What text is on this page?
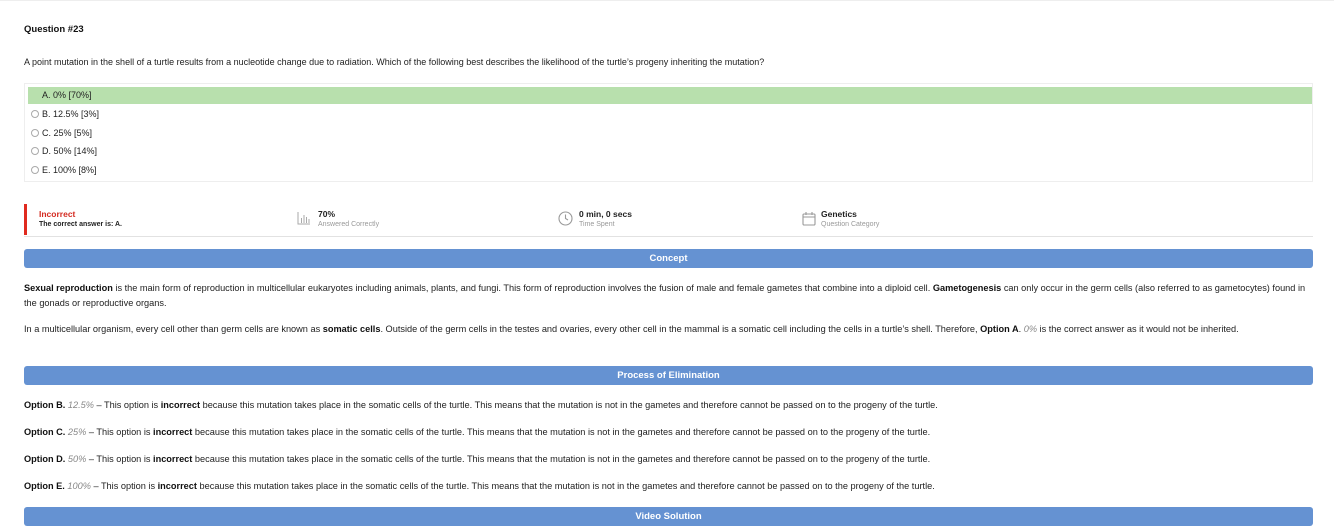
Question #23
A point mutation in the shell of a turtle results from a nucleotide change due to radiation. Which of the following best describes the likelihood of the turtle’s progeny inheriting the mutation?
A. 0% [70%]
B. 12.5% [3%]
C. 25% [5%]
D. 50% [14%]
E. 100% [8%]
Incorrect
The correct answer is: A.
70%
Answered Correctly
0 min, 0 secs
Time Spent
Genetics
Question Category
Concept
Sexual reproduction is the main form of reproduction in multicellular eukaryotes including animals, plants, and fungi. This form of reproduction involves the fusion of male and female gametes that combine into a diploid cell. Gametogenesis can only occur in the germ cells (also referred to as gametocytes) found in the gonads or reproductive organs.
In a multicellular organism, every cell other than germ cells are known as somatic cells. Outside of the germ cells in the testes and ovaries, every other cell in the mammal is a somatic cell including the cells in a turtle’s shell. Therefore, Option A. 0% is the correct answer as it would not be inherited.
Process of Elimination
Option B. 12.5% – This option is incorrect because this mutation takes place in the somatic cells of the turtle. This means that the mutation is not in the gametes and therefore cannot be passed on to the progeny of the turtle.
Option C. 25% – This option is incorrect because this mutation takes place in the somatic cells of the turtle. This means that the mutation is not in the gametes and therefore cannot be passed on to the progeny of the turtle.
Option D. 50% – This option is incorrect because this mutation takes place in the somatic cells of the turtle. This means that the mutation is not in the gametes and therefore cannot be passed on to the progeny of the turtle.
Option E. 100% – This option is incorrect because this mutation takes place in the somatic cells of the turtle. This means that the mutation is not in the gametes and therefore cannot be passed on to the progeny of the turtle.
Video Solution
